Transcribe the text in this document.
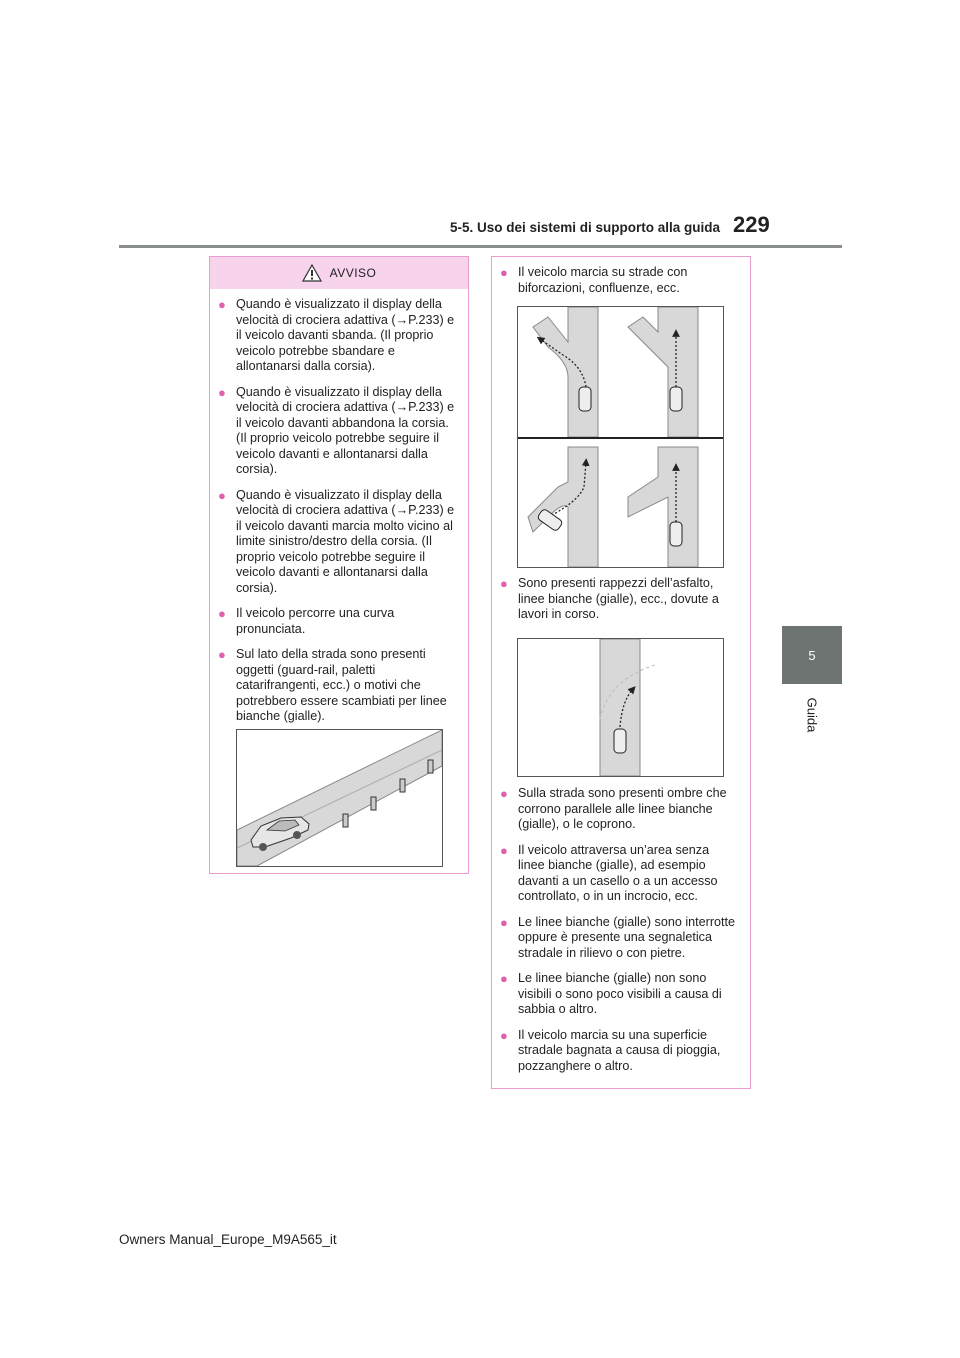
5-5. Uso dei sistemi di supporto alla guida 229
5
Guida
AVVISO
● Quando è visualizzato il display della velocità di crociera adattiva (→P.233) e il veicolo davanti sbanda. (Il proprio veicolo potrebbe sbandare e allontanarsi dalla corsia).
● Quando è visualizzato il display della velocità di crociera adattiva (→P.233) e il veicolo davanti abbandona la corsia. (Il proprio veicolo potrebbe seguire il veicolo davanti e allontanarsi dalla corsia).
● Quando è visualizzato il display della velocità di crociera adattiva (→P.233) e il veicolo davanti marcia molto vicino al limite sinistro/destro della corsia. (Il proprio veicolo potrebbe seguire il veicolo davanti e allontanarsi dalla corsia).
● Il veicolo percorre una curva pronunciata.
● Sul lato della strada sono presenti oggetti (guard-rail, paletti catarifrangenti, ecc.) o motivi che potrebbero essere scambiati per linee bianche (gialle).
● Il veicolo marcia su strade con biforcazioni, confluenze, ecc.
● Sono presenti rappezzi dell’asfalto, linee bianche (gialle), ecc., dovute a lavori in corso.
● Sulla strada sono presenti ombre che corrono parallele alle linee bianche (gialle), o le coprono.
● Il veicolo attraversa un’area senza linee bianche (gialle), ad esempio davanti a un casello o a un accesso controllato, o in un incrocio, ecc.
● Le linee bianche (gialle) sono interrotte oppure è presente una segnaletica stradale in rilievo o con pietre.
● Le linee bianche (gialle) non sono visibili o sono poco visibili a causa di sabbia o altro.
● Il veicolo marcia su una superficie stradale bagnata a causa di pioggia, pozzanghere o altro.
Owners Manual_Europe_M9A565_it
